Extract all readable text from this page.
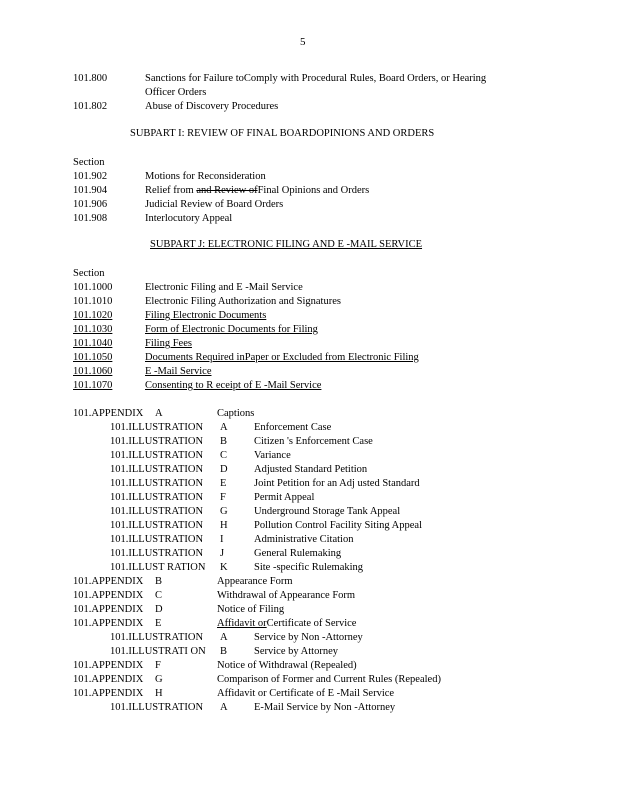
5
101.800	Sanctions for Failure toComply with Procedural Rules, Board Orders, or Hearing
Officer Orders
101.802	Abuse of Discovery Procedures
SUBPART I: REVIEW OF FINAL BOARDOPINIONS AND ORDERS
Section
101.902	Motions for Reconsideration
101.904	Relief from and Review ofFinal Opinions and Orders
101.906	Judicial Review of Board Orders
101.908	Interlocutory Appeal
SUBPART J: ELECTRONIC FILING AND E -MAIL SERVICE
Section
101.1000	Electronic Filing and E -Mail Service
101.1010	Electronic Filing Authorization and Signatures
101.1020	Filing Electronic Documents
101.1030	Form of Electronic Documents for Filing
101.1040	Filing Fees
101.1050	Documents Required inPaper or Excluded from Electronic Filing
101.1060	E -Mail Service
101.1070	Consenting to R eceipt of E -Mail Service
101.APPENDIX A	Captions
101.ILLUSTRATION A	Enforcement Case
101.ILLUSTRATION B	Citizen 's Enforcement Case
101.ILLUSTRATION C	Variance
101.ILLUSTRATION D	Adjusted Standard Petition
101.ILLUSTRATION E	Joint Petition for an Adj usted Standard
101.ILLUSTRATION F	Permit Appeal
101.ILLUSTRATION G	Underground Storage Tank Appeal
101.ILLUSTRATION H	Pollution Control Facility Siting Appeal
101.ILLUSTRATION I	Administrative Citation
101.ILLUSTRATION J	General Rulemaking
101.ILLUST RATION K	Site -specific Rulemaking
101.APPENDIX B	Appearance Form
101.APPENDIX C	Withdrawal of Appearance Form
101.APPENDIX D	Notice of Filing
101.APPENDIX E	Affidavit orCertificate of Service
101.ILLUSTRATION A	Service by Non -Attorney
101.ILLUSTRATI ON B	Service by Attorney
101.APPENDIX F	Notice of Withdrawal (Repealed)
101.APPENDIX G	Comparison of Former and Current Rules (Repealed)
101.APPENDIX H	Affidavit or Certificate of E -Mail Service
101.ILLUSTRATION A	E-Mail Service by Non -Attorney
